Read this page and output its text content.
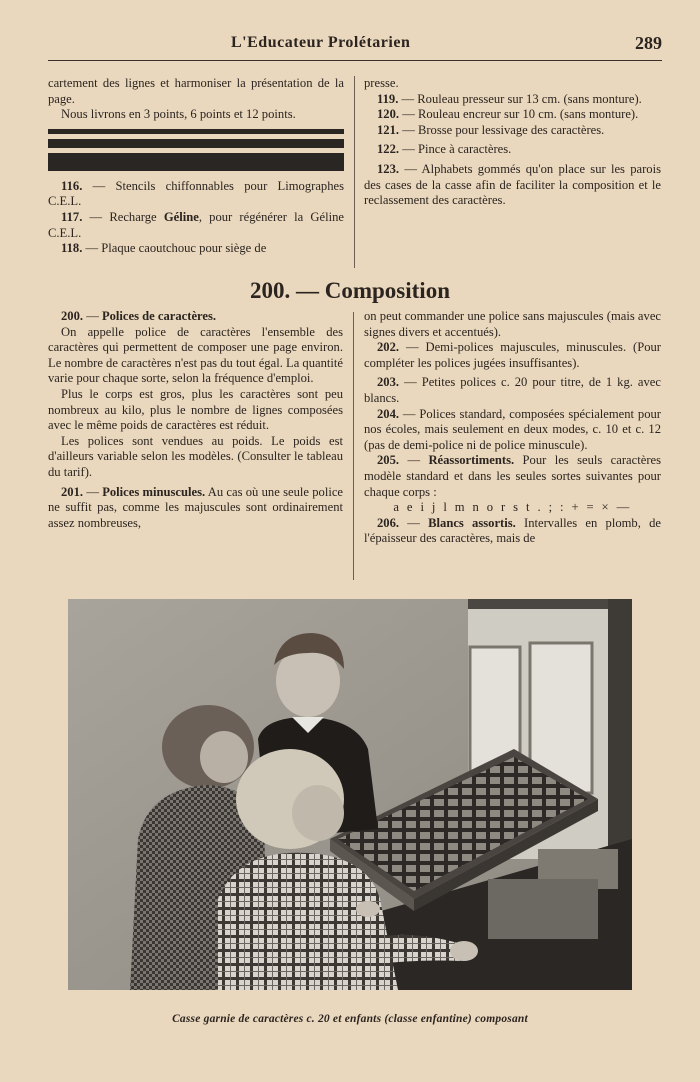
L'Educateur Prolétarien	289

cartement des lignes et harmoniser la présentation de la page.

Nous livrons en 3 points, 6 points et 12 points.

116. — Stencils chiffonnables pour Limographes C.E.L.

117. — Recharge Géline, pour régénérer la Géline C.E.L.

118. — Plaque caoutchouc pour siège de

presse.

119. — Rouleau presseur sur 13 cm. (sans monture).

120. — Rouleau encreur sur 10 cm. (sans monture).

121. — Brosse pour lessivage des caractères.

122. — Pince à caractères.

123. — Alphabets gommés qu'on place sur les parois des cases de la casse afin de faciliter la composition et le reclassement des caractères.

200. — Composition

200. — Polices de caractères.

On appelle police de caractères l'ensemble des caractères qui permettent de composer une page environ. Le nombre de caractères n'est pas du tout égal. La quantité varie pour chaque sorte, selon la fréquence d'emploi.

Plus le corps est gros, plus les caractères sont peu nombreux au kilo, plus le nombre de lignes composées avec le même poids de caractères est réduit.

Les polices sont vendues au poids. Le poids est d'ailleurs variable selon les modèles. (Consulter le tableau du tarif).

201. — Polices minuscules. Au cas où une seule police ne suffit pas, comme les majuscules sont ordinairement assez nombreuses,

on peut commander une police sans majuscules (mais avec signes divers et accentués).

202. — Demi-polices majuscules, minuscules. (Pour compléter les polices jugées insuffisantes).

203. — Petites polices c. 20 pour titre, de 1 kg. avec blancs.

204. — Polices standard, composées spécialement pour nos écoles, mais seulement en deux modes, c. 10 et c. 12 (pas de demi-police ni de police minuscule).

205. — Réassortiments. Pour les seuls caractères modèle standard et dans les seules sortes suivantes pour chaque corps :

a e i j l m n o r s t . ; : + = × —

206. — Blancs assortis. Intervalles en plomb, de l'épaisseur des caractères, mais de

Casse garnie de caractères c. 20 et enfants (classe enfantine) composant
